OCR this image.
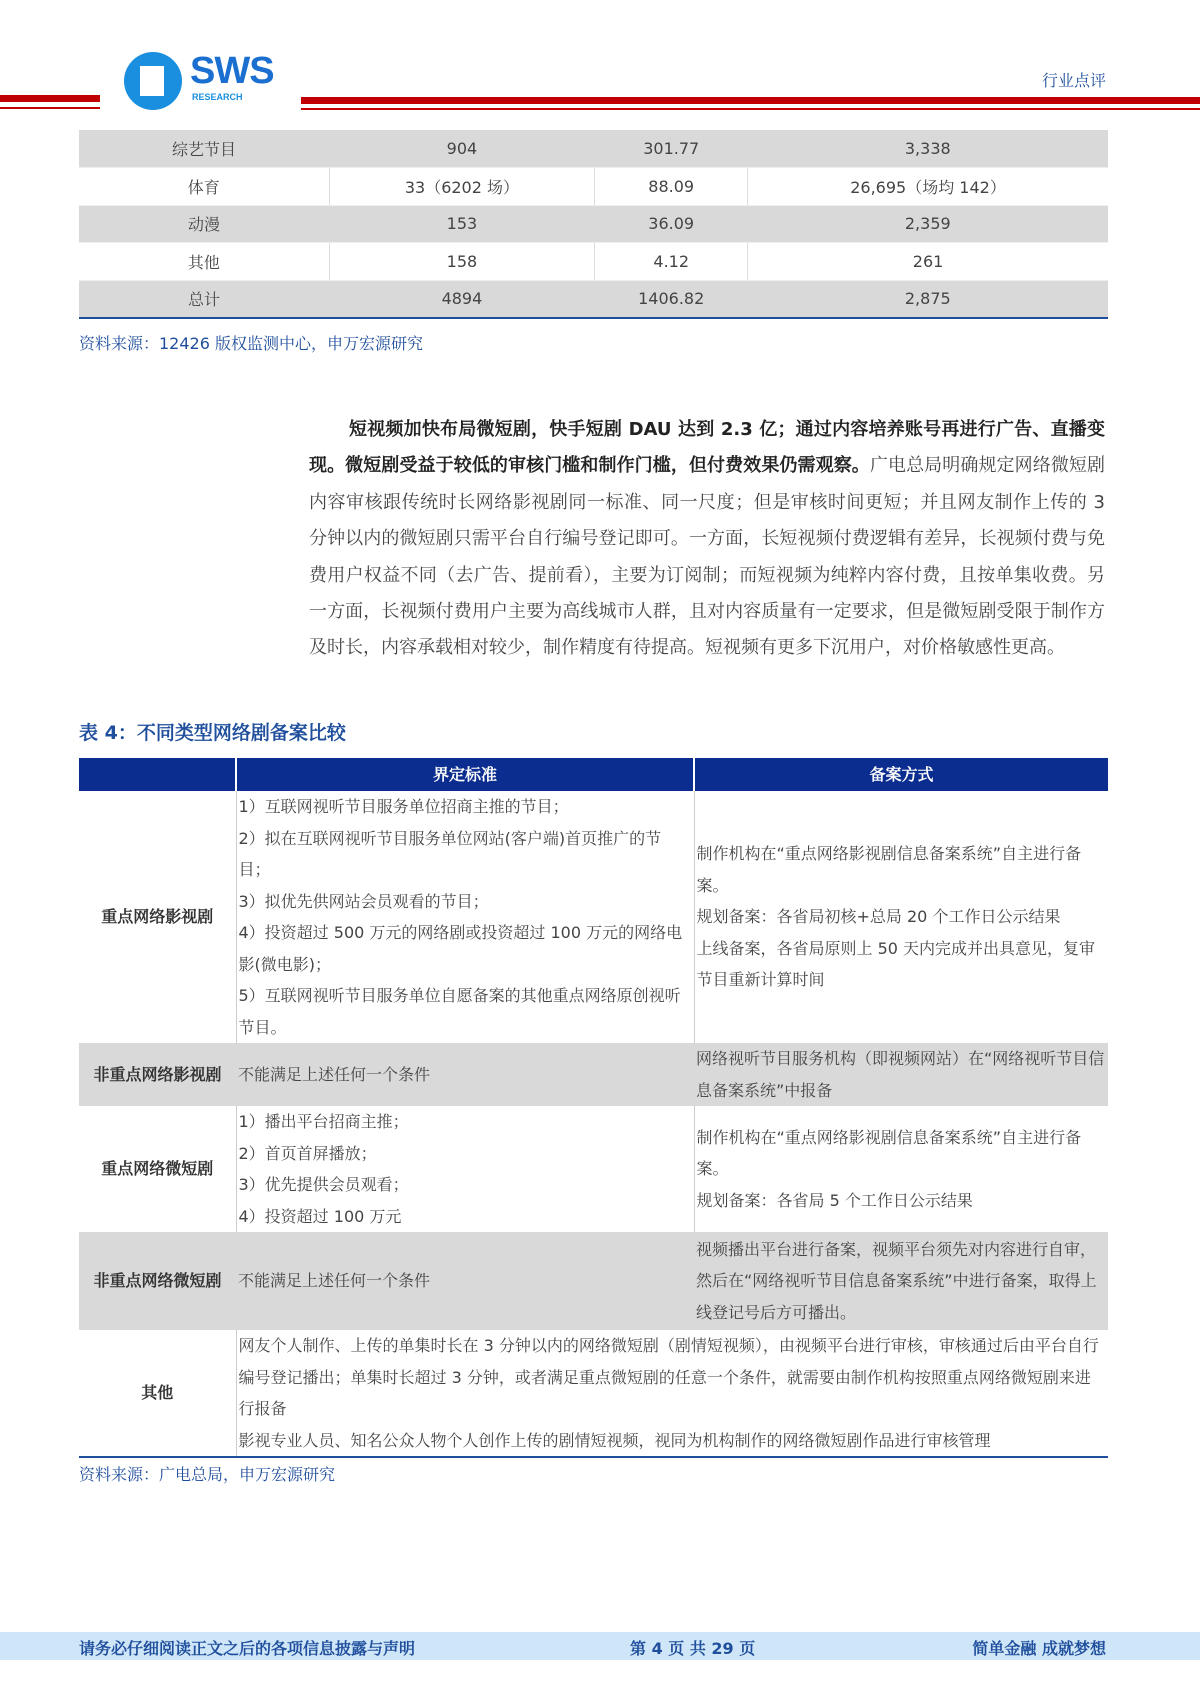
SWS
RESEARCH
行业点评
综艺节目	904	301.77	3,338
体育	33（6202 场）	88.09	26,695（场均 142）
动漫	153	36.09	2,359
其他	158	4.12	261
总计	4894	1406.82	2,875
资料来源：12426 版权监测中心，申万宏源研究
短视频加快布局微短剧，快手短剧 DAU 达到 2.3 亿；通过内容培养账号再进行广告、直播变现。微短剧受益于较低的审核门槛和制作门槛，但付费效果仍需观察。广电总局明确规定网络微短剧内容审核跟传统时长网络影视剧同一标准、同一尺度；但是审核时间更短；并且网友制作上传的 3 分钟以内的微短剧只需平台自行编号登记即可。一方面，长短视频付费逻辑有差异，长视频付费与免费用户权益不同（去广告、提前看），主要为订阅制；而短视频为纯粹内容付费，且按单集收费。另一方面，长视频付费用户主要为高线城市人群，且对内容质量有一定要求，但是微短剧受限于制作方及时长，内容承载相对较少，制作精度有待提高。短视频有更多下沉用户，对价格敏感性更高。
表 4：不同类型网络剧备案比较
	界定标准	备案方式
重点网络影视剧	1）互联网视听节目服务单位招商主推的节目；
2）拟在互联网视听节目服务单位网站(客户端)首页推广的节目；
3）拟优先供网站会员观看的节目；
4）投资超过 500 万元的网络剧或投资超过 100 万元的网络电影(微电影)；
5）互联网视听节目服务单位自愿备案的其他重点网络原创视听节目。	制作机构在“重点网络影视剧信息备案系统”自主进行备案。
规划备案：各省局初核+总局 20 个工作日公示结果
上线备案，各省局原则上 50 天内完成并出具意见，复审节目重新计算时间

非重点网络影视剧	不能满足上述任何一个条件	网络视听节目服务机构（即视频网站）在“网络视听节目信息备案系统”中报备

重点网络微短剧	1）播出平台招商主推；
2）首页首屏播放；
3）优先提供会员观看；
4）投资超过 100 万元	制作机构在“重点网络影视剧信息备案系统”自主进行备案。
规划备案：各省局 5 个工作日公示结果

非重点网络微短剧	不能满足上述任何一个条件	视频播出平台进行备案，视频平台须先对内容进行自审，然后在“网络视听节目信息备案系统”中进行备案，取得上线登记号后方可播出。

其他	网友个人制作、上传的单集时长在 3 分钟以内的网络微短剧（剧情短视频），由视频平台进行审核，审核通过后由平台自行编号登记播出；单集时长超过 3 分钟，或者满足重点微短剧的任意一个条件，就需要由制作机构按照重点网络微短剧来进行报备
影视专业人员、知名公众人物个人创作上传的剧情短视频，视同为机构制作的网络微短剧作品进行审核管理	
资料来源：广电总局，申万宏源研究
请务必仔细阅读正文之后的各项信息披露与声明	第 4 页 共 29 页	简单金融 成就梦想
